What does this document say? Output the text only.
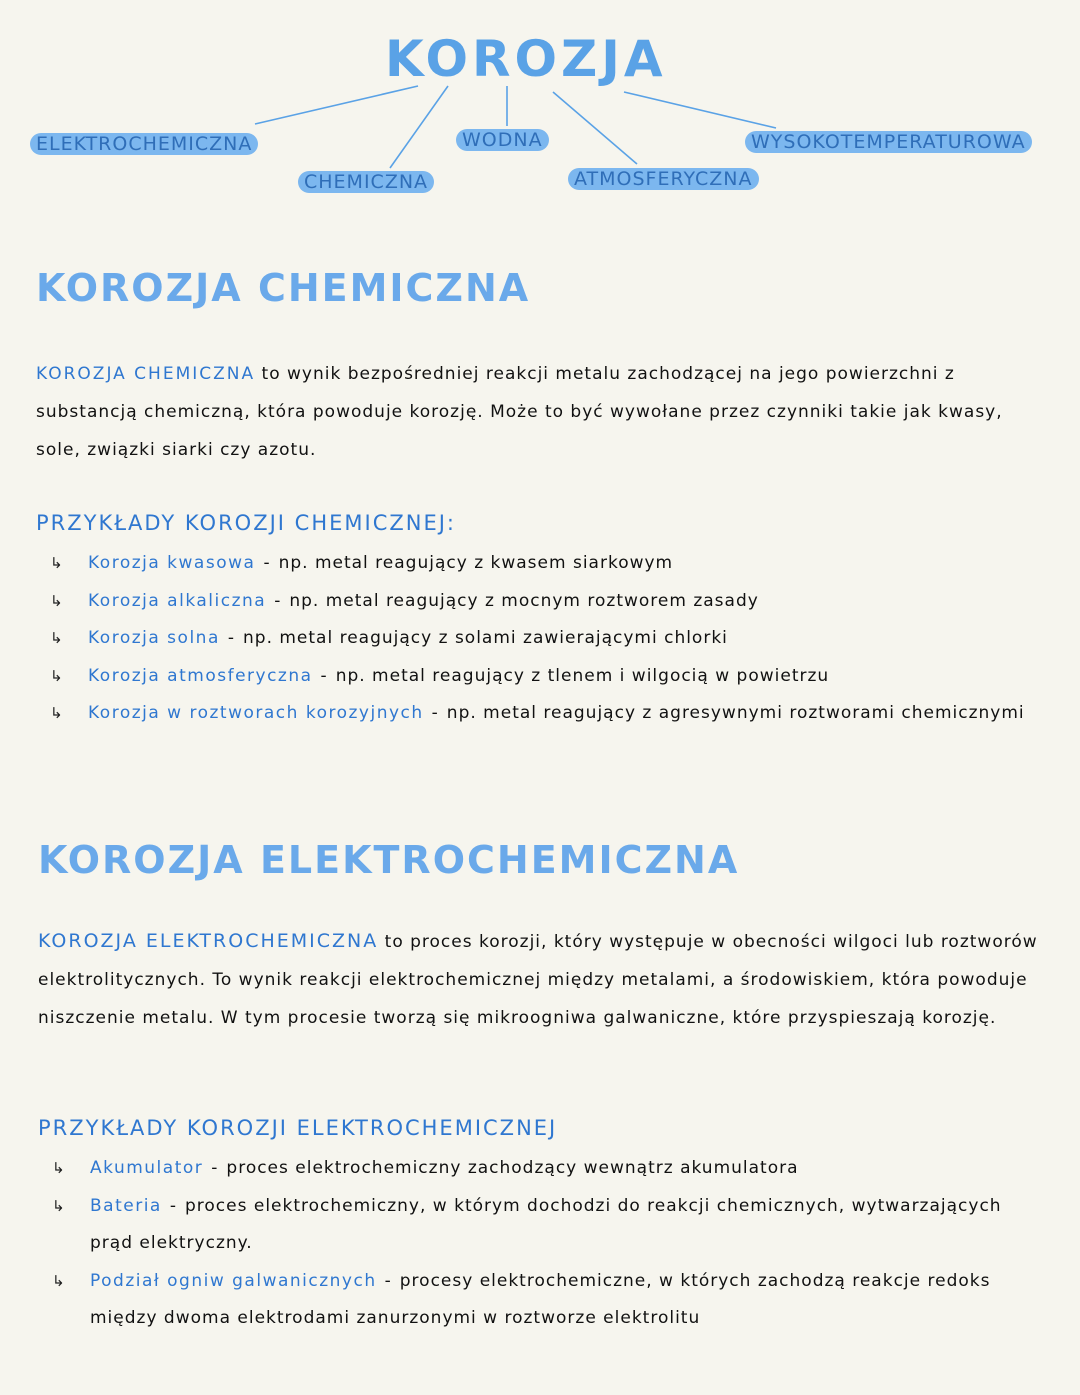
KOROZJA
ELEKTROCHEMICZNA
CHEMICZNA
WODNA
ATMOSFERYCZNA
WYSOKOTEMPERATUROWA
KOROZJA CHEMICZNA
KOROZJA CHEMICZNA to wynik bezpośredniej reakcji metalu zachodzącej na jego powierzchni z substancją chemiczną, która powoduje korozję. Może to być wywołane przez czynniki takie jak kwasy, sole, związki siarki czy azotu.
PRZYKŁADY KOROZJI CHEMICZNEJ:
↳ Korozja kwasowa - np. metal reagujący z kwasem siarkowym
↳ Korozja alkaliczna - np. metal reagujący z mocnym roztworem zasady
↳ Korozja solna - np. metal reagujący z solami zawierającymi chlorki
↳ Korozja atmosferyczna - np. metal reagujący z tlenem i wilgocią w powietrzu
↳ Korozja w roztworach korozyjnych - np. metal reagujący z agresywnymi roztworami chemicznymi
KOROZJA ELEKTROCHEMICZNA
KOROZJA ELEKTROCHEMICZNA to proces korozji, który występuje w obecności wilgoci lub roztworów elektrolitycznych. To wynik reakcji elektrochemicznej między metalami, a środowiskiem, która powoduje niszczenie metalu. W tym procesie tworzą się mikroogniwa galwaniczne, które przyspieszają korozję.
PRZYKŁADY KOROZJI ELEKTROCHEMICZNEJ
↳ Akumulator - proces elektrochemiczny zachodzący wewnątrz akumulatora
↳ Bateria - proces elektrochemiczny, w którym dochodzi do reakcji chemicznych, wytwarzających prąd elektryczny.
↳ Podział ogniw galwanicznych - procesy elektrochemiczne, w których zachodzą reakcje redoks między dwoma elektrodami zanurzonymi w roztworze elektrolitu
